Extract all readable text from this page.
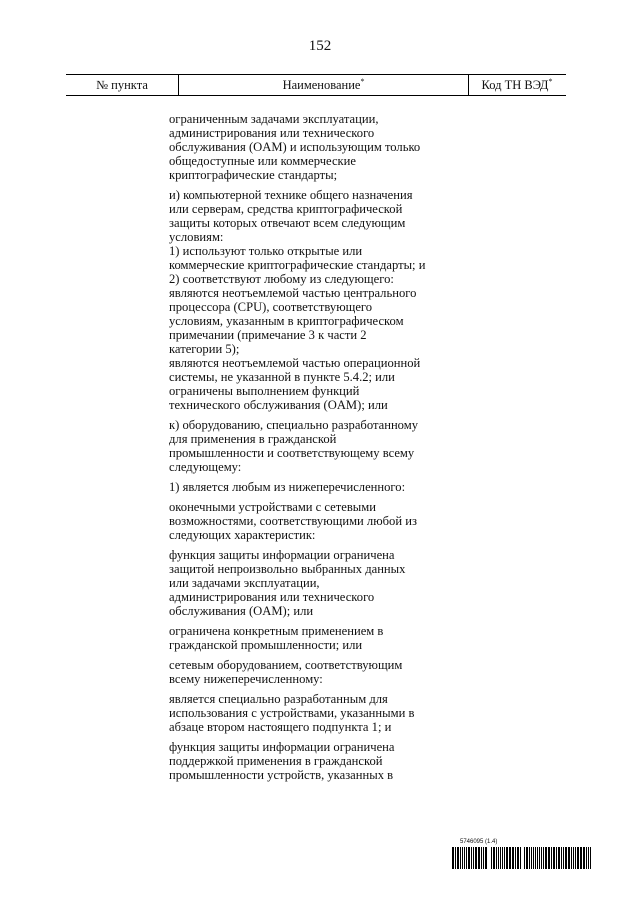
152
№ пункта	Наименование*	Код ТН ВЭД*

ограниченным задачами эксплуатации,
администрирования или технического
обслуживания (OAM) и использующим только
общедоступные или коммерческие
криптографические стандарты;

и) компьютерной технике общего назначения
или серверам, средства криптографической
защиты которых отвечают всем следующим
условиям:
1) используют только открытые или
коммерческие криптографические стандарты; и
2) соответствуют любому из следующего:
являются неотъемлемой частью центрального
процессора (CPU), соответствующего
условиям, указанным в криптографическом
примечании (примечание 3 к части 2
категории 5);
являются неотъемлемой частью операционной
системы, не указанной в пункте 5.4.2; или
ограничены выполнением функций
технического обслуживания (OAM); или

к) оборудованию, специально разработанному
для применения в гражданской
промышленности и соответствующему всему
следующему:

1) является любым из нижеперечисленного:

оконечными устройствами с сетевыми
возможностями, соответствующими любой из
следующих характеристик:

функция защиты информации ограничена
защитой непроизвольно выбранных данных
или задачами эксплуатации,
администрирования или технического
обслуживания (OAM); или

ограничена конкретным применением в
гражданской промышленности; или

сетевым оборудованием, соответствующим
всему нижеперечисленному:

является специально разработанным для
использования с устройствами, указанными в
абзаце втором настоящего подпункта 1; и

функция защиты информации ограничена
поддержкой применения в гражданской
промышленности устройств, указанных в

5746095 (1.4)
